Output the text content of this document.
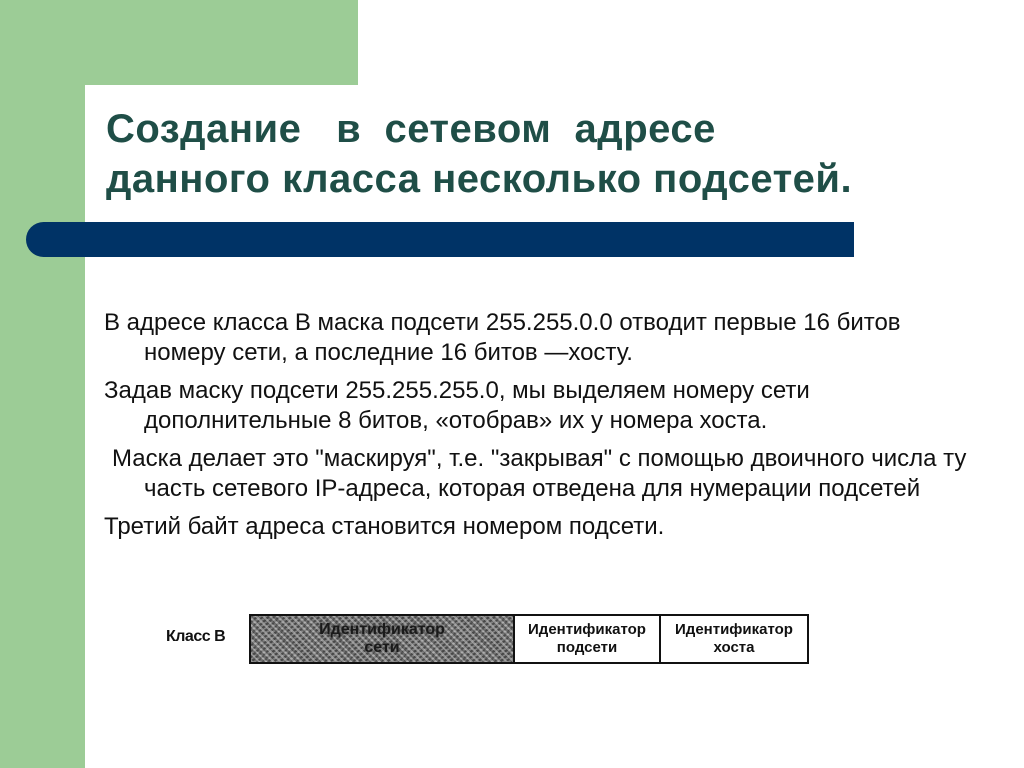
Создание   в  сетевом  адресе
данного класса несколько подсетей.

В адресе класса В маска подсети 255.255.0.0 отводит первые 16 битов номеру сети, а последние 16 битов —хосту.

Задав маску подсети 255.255.255.0, мы выделяем номеру сети дополнительные 8 битов, «отобрав» их у номера хоста.

Маска делает это "маскируя", т.е. "закрывая" с помощью двоичного числа ту часть сетевого IP-адреса, которая отведена для нумерации подсетей

Третий байт адреса становится номером подсети.

Класс В	Идентификатор сети
Идентификатор подсети
Идентификатор хоста
